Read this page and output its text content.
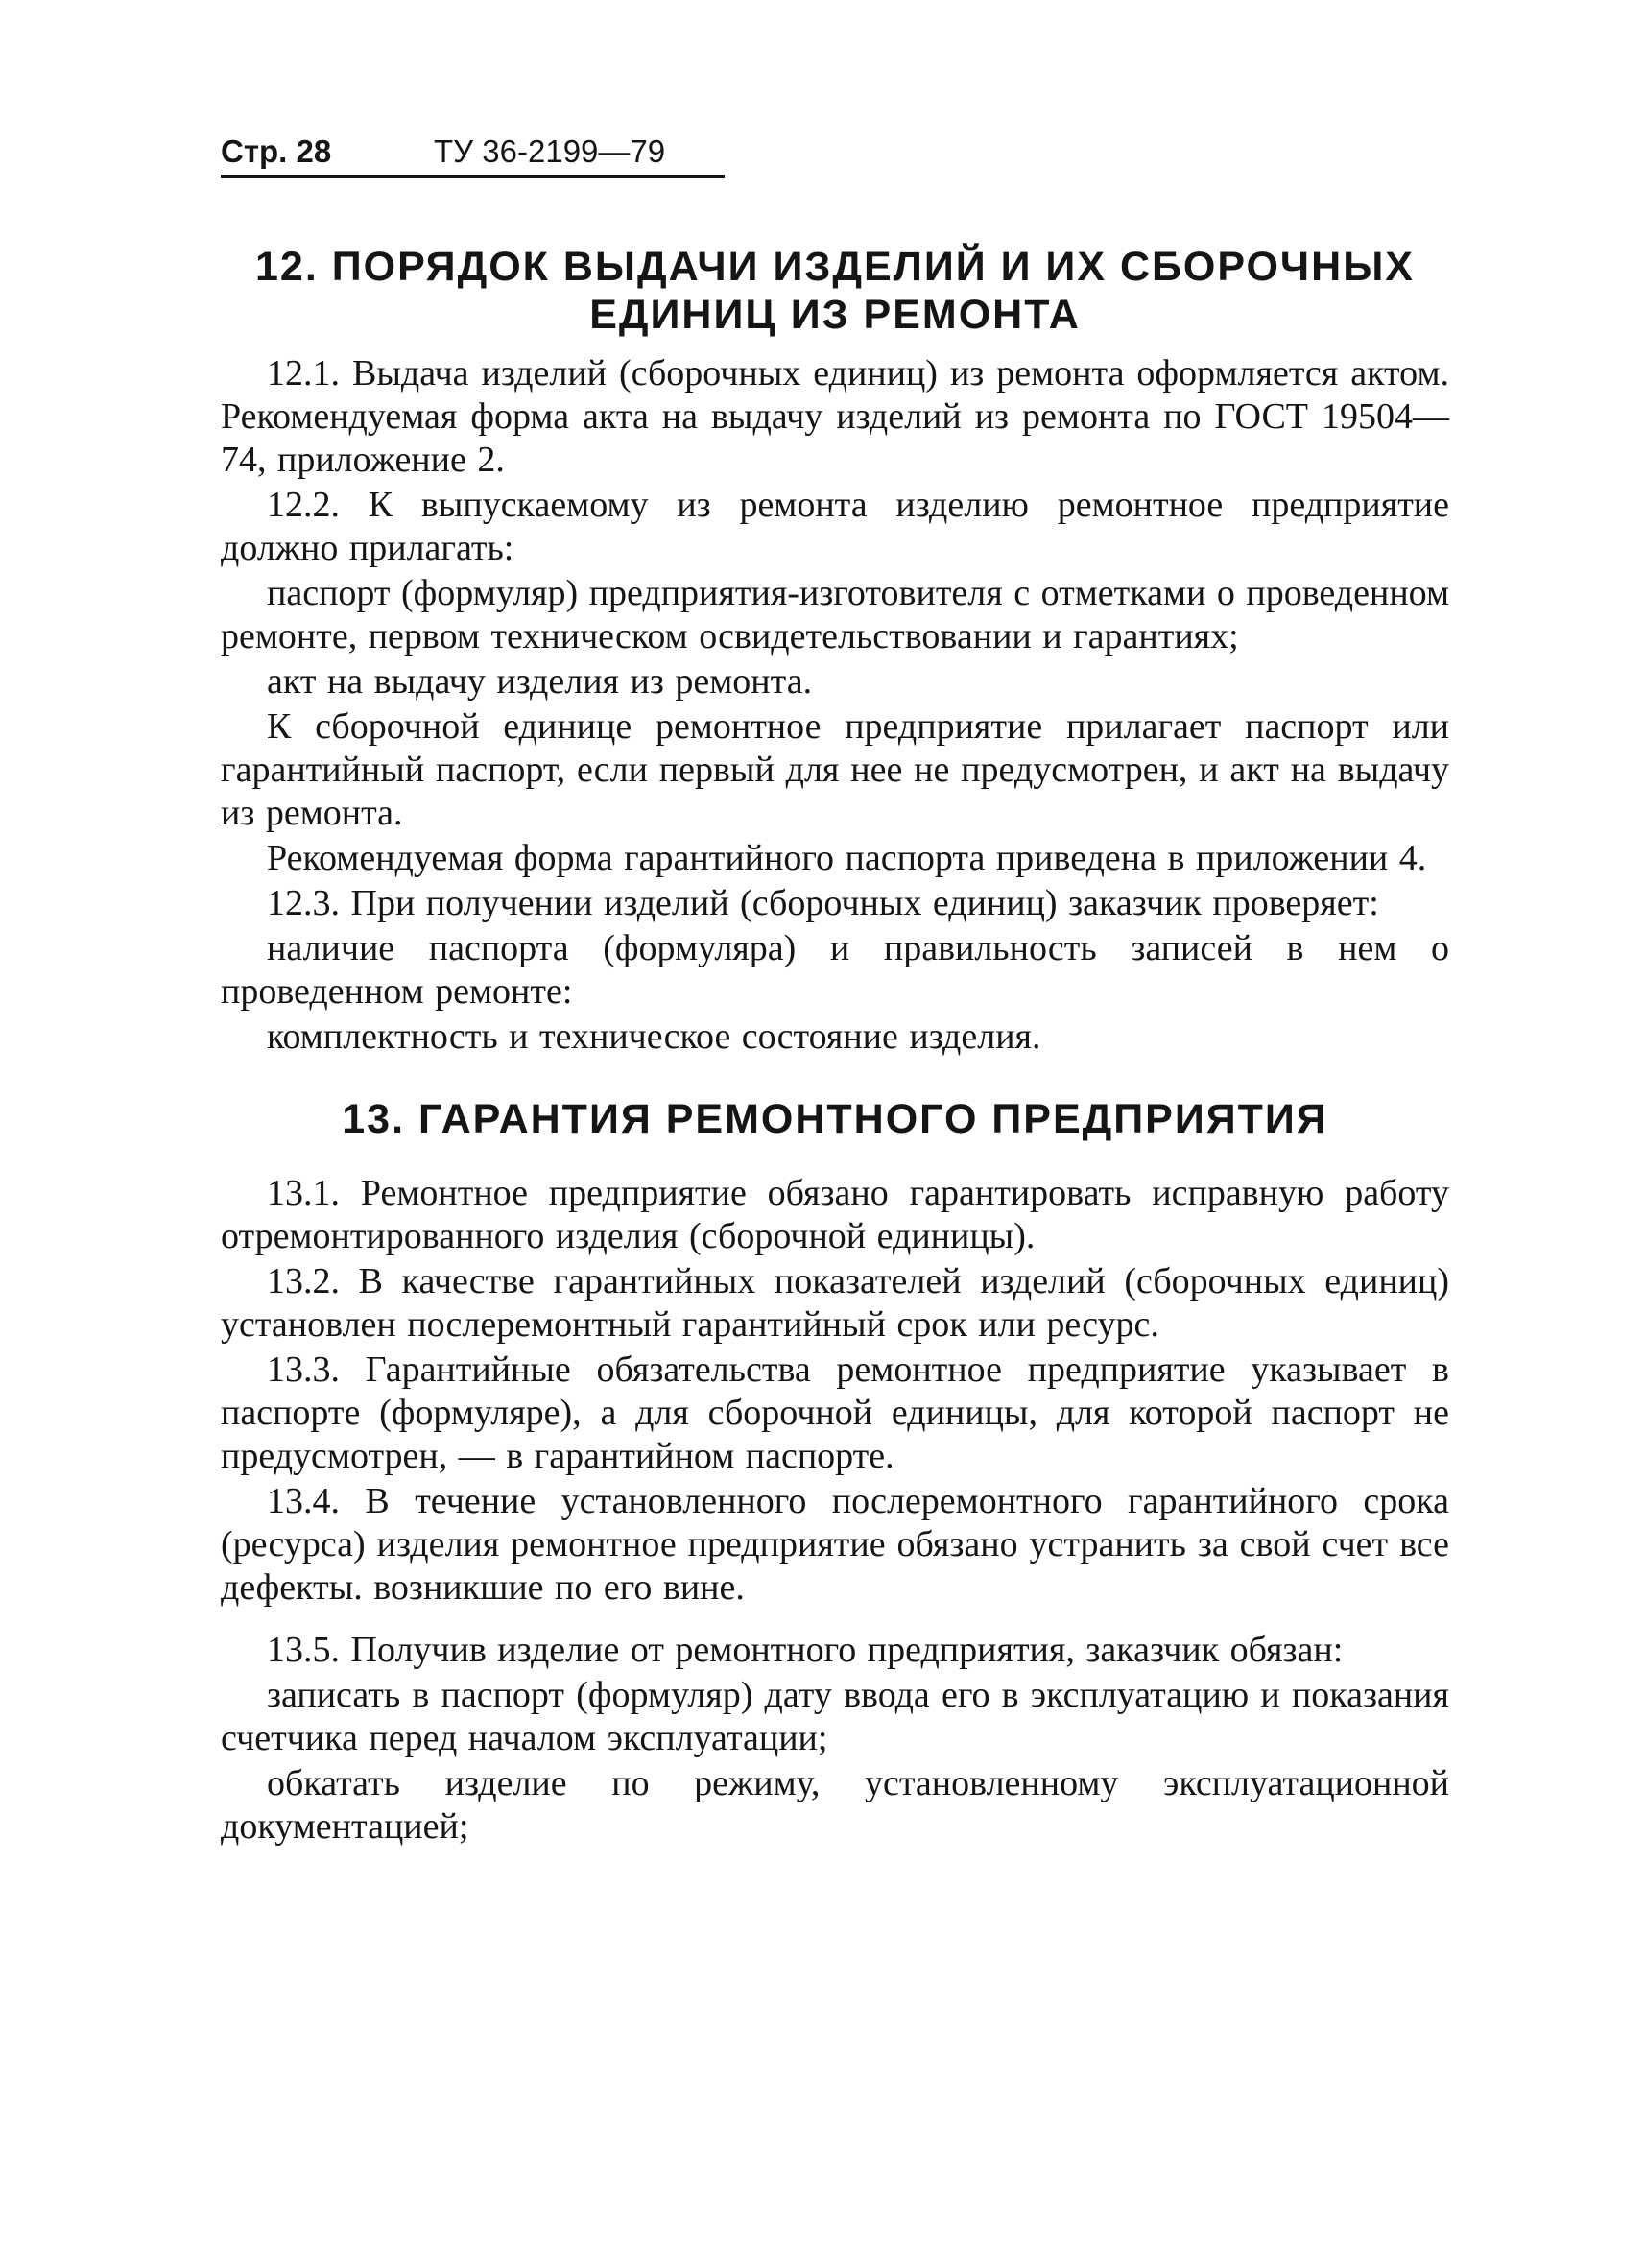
Стр. 28	ТУ 36-2199—79
12. ПОРЯДОК ВЫДАЧИ ИЗДЕЛИЙ И ИХ СБОРОЧНЫХ ЕДИНИЦ ИЗ РЕМОНТА

12.1. Выдача изделий (сборочных единиц) из ремонта оформляется актом. Рекомендуемая форма акта на выдачу изделий из ремонта по ГОСТ 19504—74, приложение 2.

12.2. К выпускаемому из ремонта изделию ремонтное предприятие должно прилагать:

паспорт (формуляр) предприятия-изготовителя с отметками о проведенном ремонте, первом техническом освидетельствовании и гарантиях;

акт на выдачу изделия из ремонта.

К сборочной единице ремонтное предприятие прилагает паспорт или гарантийный паспорт, если первый для нее не предусмотрен, и акт на выдачу из ремонта.

Рекомендуемая форма гарантийного паспорта приведена в приложении 4.

12.3. При получении изделий (сборочных единиц) заказчик проверяет:

наличие паспорта (формуляра) и правильность записей в нем о проведенном ремонте:

комплектность и техническое состояние изделия.

13. ГАРАНТИЯ РЕМОНТНОГО ПРЕДПРИЯТИЯ

13.1. Ремонтное предприятие обязано гарантировать исправную работу отремонтированного изделия (сборочной единицы).

13.2. В качестве гарантийных показателей изделий (сборочных единиц) установлен послеремонтный гарантийный срок или ресурс.

13.3. Гарантийные обязательства ремонтное предприятие указывает в паспорте (формуляре), а для сборочной единицы, для которой паспорт не предусмотрен, — в гарантийном паспорте.

13.4. В течение установленного послеремонтного гарантийного срока (ресурса) изделия ремонтное предприятие обязано устранить за свой счет все дефекты. возникшие по его вине.

13.5. Получив изделие от ремонтного предприятия, заказчик обязан:

записать в паспорт (формуляр) дату ввода его в эксплуатацию и показания счетчика перед началом эксплуатации;

обкатать изделие по режиму, установленному эксплуатационной документацией;
